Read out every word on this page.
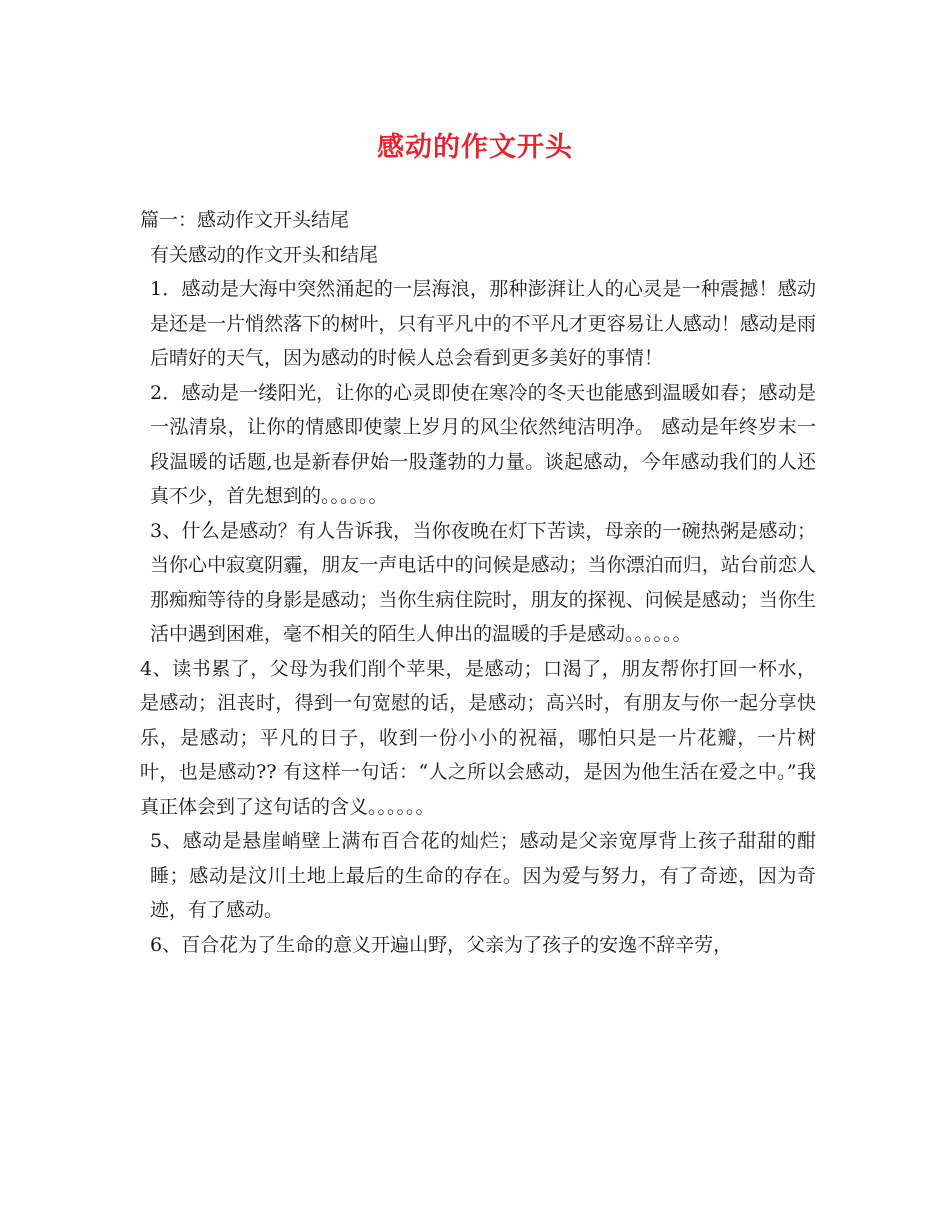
感动的作文开头

篇一：感动作文开头结尾

有关感动的作文开头和结尾

1．感动是大海中突然涌起的一层海浪，那种澎湃让人的心灵是一种震撼！感动是还是一片悄然落下的树叶，只有平凡中的不平凡才更容易让人感动！感动是雨后晴好的天气，因为感动的时候人总会看到更多美好的事情！

2．感动是一缕阳光，让你的心灵即使在寒冷的冬天也能感到温暖如春；感动是一泓清泉，让你的情感即使蒙上岁月的风尘依然纯洁明净。 感动是年终岁末一段温暖的话题,也是新春伊始一股蓬勃的力量。谈起感动，今年感动我们的人还真不少，首先想到的。。。。。。

3、什么是感动？有人告诉我，当你夜晚在灯下苦读，母亲的一碗热粥是感动；当你心中寂寞阴霾，朋友一声电话中的问候是感动；当你漂泊而归，站台前恋人那痴痴等待的身影是感动；当你生病住院时，朋友的探视、问候是感动；当你生活中遇到困难，毫不相关的陌生人伸出的温暖的手是感动。。。。。。

4、读书累了，父母为我们削个苹果，是感动；口渴了，朋友帮你打回一杯水，是感动；沮丧时，得到一句宽慰的话，是感动；高兴时，有朋友与你一起分享快乐，是感动；平凡的日子，收到一份小小的祝福，哪怕只是一片花瓣，一片树叶，也是感动?? 有这样一句话：“人之所以会感动，是因为他生活在爱之中。”我真正体会到了这句话的含义。。。。。。

5、感动是悬崖峭壁上满布百合花的灿烂；感动是父亲宽厚背上孩子甜甜的酣睡；感动是汶川土地上最后的生命的存在。因为爱与努力，有了奇迹，因为奇迹，有了感动。

6、百合花为了生命的意义开遍山野，父亲为了孩子的安逸不辞辛劳，
